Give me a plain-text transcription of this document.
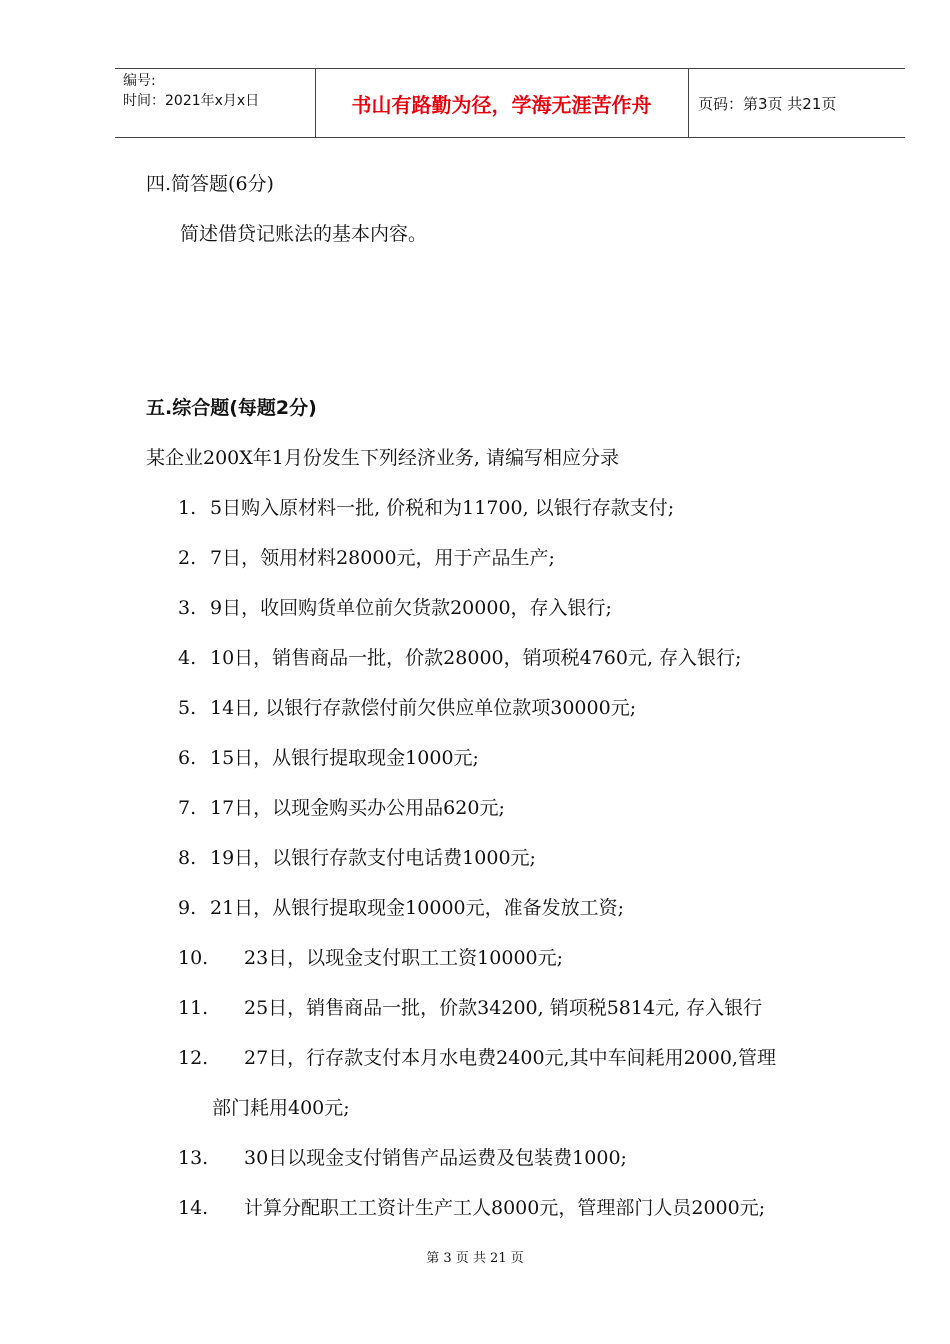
编号:
时间：2021年x月x日	书山有路勤为径，学海无涯苦作舟	页码：第3页 共21页
四.简答题(6分)
简述借贷记账法的基本内容。
五.综合题(每题2分)
某企业200X年1月份发生下列经济业务, 请编写相应分录
1. 5日购入原材料一批, 价税和为11700, 以银行存款支付;
2. 7日，领用材料28000元，用于产品生产;
3. 9日，收回购货单位前欠货款20000，存入银行;
4. 10日，销售商品一批，价款28000，销项税4760元, 存入银行;
5. 14日, 以银行存款偿付前欠供应单位款项30000元;
6. 15日，从银行提取现金1000元;
7. 17日，以现金购买办公用品620元;
8. 19日，以银行存款支付电话费1000元;
9. 21日，从银行提取现金10000元，准备发放工资;
10. 23日，以现金支付职工工资10000元;
11. 25日，销售商品一批，价款34200, 销项税5814元, 存入银行
12. 27日，行存款支付本月水电费2400元,其中车间耗用2000,管理
部门耗用400元;
13. 30日以现金支付销售产品运费及包装费1000;
14. 计算分配职工工资计生产工人8000元，管理部门人员2000元;
第 3 页 共 21 页
